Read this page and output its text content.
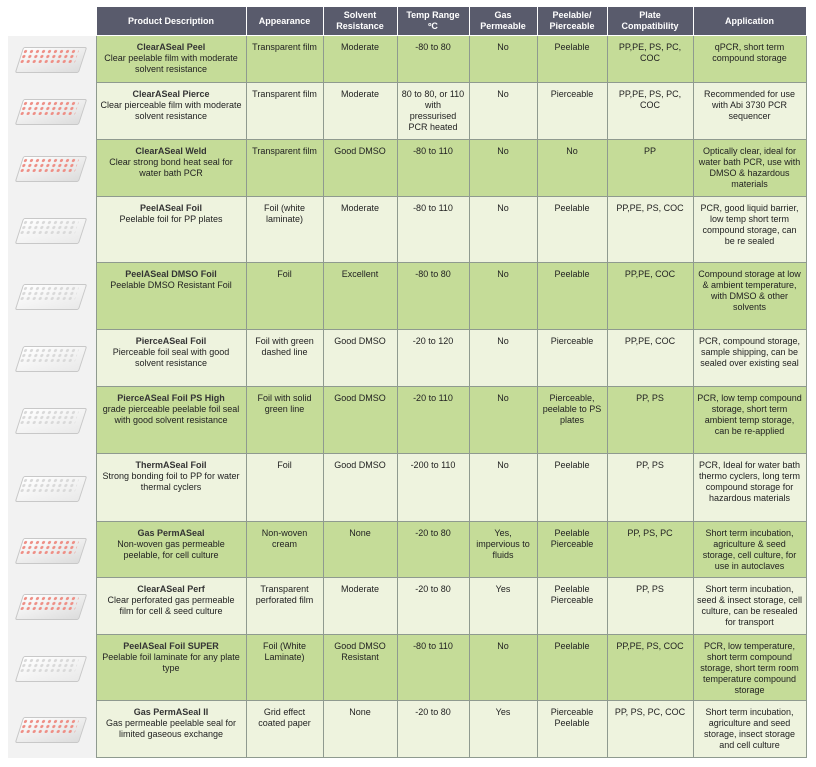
	Product Description	Appearance	Solvent Resistance	Temp Range ºC	Gas Permeable	Peelable/ Pierceable	Plate Compatibility	Application

	ClearASeal Peel
Clear peelable film with moderate solvent resistance	Transparent film	Moderate	-80 to 80	No	Peelable	PP,PE, PS, PC, COC	qPCR, short term compound storage

	ClearASeal Pierce
Clear pierceable film with moderate solvent resistance	Transparent film	Moderate	80 to 80, or 110 with pressurised PCR heated	No	Pierceable	PP,PE, PS, PC, COC	Recommended for use with Abi 3730 PCR sequencer

	ClearASeal Weld
Clear strong bond heat seal for water bath PCR	Transparent film	Good DMSO	-80 to 110	No	No	PP	Optically clear, ideal for water bath PCR, use with DMSO & hazardous materials

	PeelASeal Foil
Peelable foil for PP plates	Foil (white laminate)	Moderate	-80 to 110	No	Peelable	PP,PE, PS, COC	PCR, good liquid barrier, low temp short term compound storage, can be re sealed

	PeelASeal DMSO Foil
Peelable DMSO Resistant Foil	Foil	Excellent	-80 to 80	No	Peelable	PP,PE, COC	Compound storage at low & ambient temperature, with DMSO & other solvents

	PierceASeal Foil
Pierceable foil seal with good solvent resistance	Foil with green dashed line	Good DMSO	-20 to 120	No	Pierceable	PP,PE, COC	PCR, compound storage, sample shipping, can be sealed over existing seal

	PierceASeal Foil PS High
grade pierceable peelable foil seal with good solvent resistance	Foil with solid green line	Good DMSO	-20 to 110	No	Pierceable, peelable to PS plates	PP, PS	PCR, low temp compound storage, short term ambient temp storage, can be re-applied

	ThermASeal Foil
Strong bonding foil to PP for water thermal cyclers	Foil	Good DMSO	-200 to 110	No	Peelable	PP, PS	PCR, Ideal for water bath thermo cyclers, long term compound storage for hazardous materials

	Gas PermASeal
Non-woven gas permeable peelable, for cell culture	Non-woven cream	None	-20 to 80	Yes, impervious to fluids	Peelable Pierceable	PP, PS, PC	Short term incubation, agriculture & seed storage, cell culture, for use in autoclaves

	ClearASeal Perf
Clear perforated gas permeable film for cell & seed culture	Transparent perforated film	Moderate	-20 to 80	Yes	Peelable Pierceable	PP, PS	Short term incubation, seed & insect storage, cell culture, can be resealed for transport

	PeelASeal Foil SUPER
Peelable foil laminate for any plate type	Foil (White Laminate)	Good DMSO Resistant	-80 to 110	No	Peelable	PP,PE, PS, COC	PCR, low temperature, short term compound storage, short term room temperature compound storage

	Gas PermASeal II
Gas permeable peelable seal for limited gaseous exchange	Grid effect coated paper	None	-20 to 80	Yes	Pierceable Peelable	PP, PS, PC, COC	Short term incubation, agriculture and seed storage, insect storage and cell culture
